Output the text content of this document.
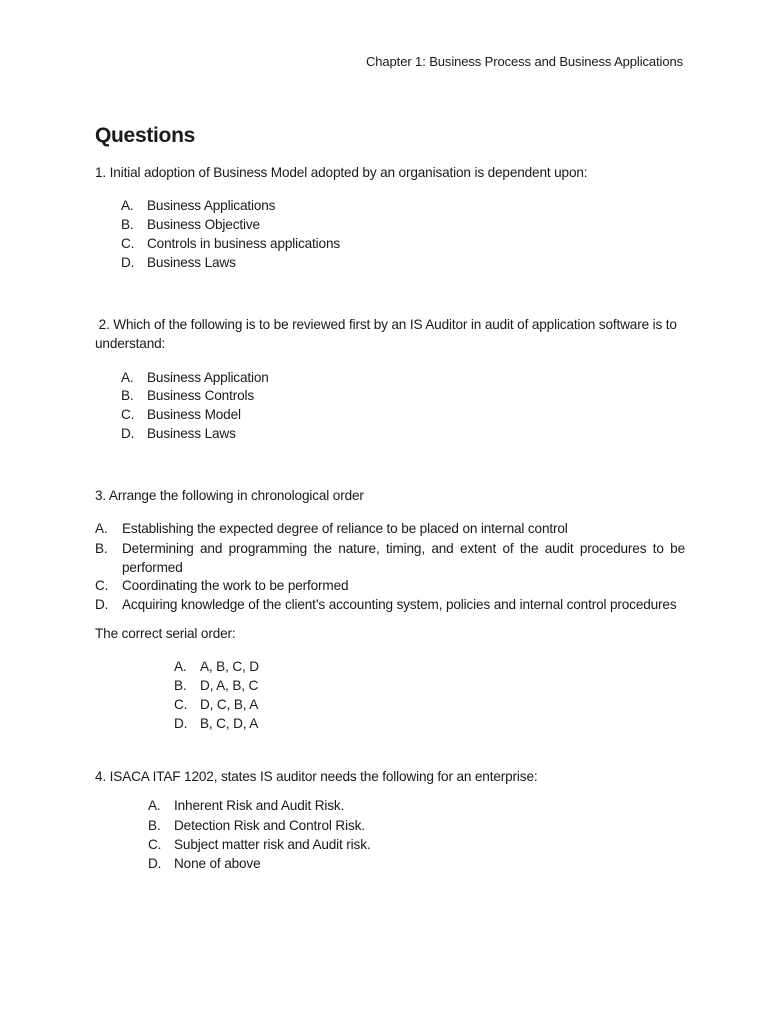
Chapter 1: Business Process and Business Applications
Questions
1. Initial adoption of Business Model adopted by an organisation is dependent upon:
A. Business Applications
B. Business Objective
C. Controls in business applications
D. Business Laws
2. Which of the following is to be reviewed first by an IS Auditor in audit of application software is to understand:
A. Business Application
B. Business Controls
C. Business Model
D. Business Laws
3. Arrange the following in chronological order
A. Establishing the expected degree of reliance to be placed on internal control
B. Determining and programming the nature, timing, and extent of the audit procedures to be performed
C. Coordinating the work to be performed
D. Acquiring knowledge of the client’s accounting system, policies and internal control procedures
The correct serial order:
A. A, B, C, D
B. D, A, B, C
C. D, C, B, A
D. B, C, D, A
4. ISACA ITAF 1202, states IS auditor needs the following for an enterprise:
A. Inherent Risk and Audit Risk.
B. Detection Risk and Control Risk.
C. Subject matter risk and Audit risk.
D. None of above
